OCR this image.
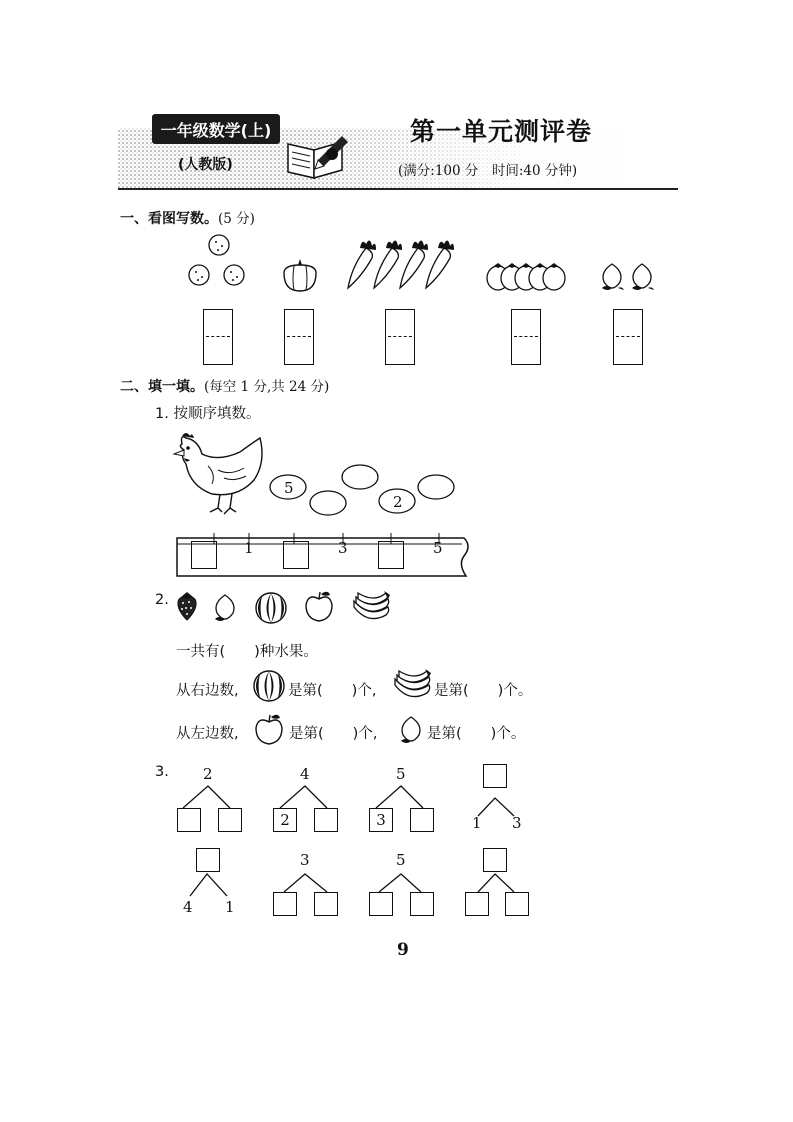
一年级数学(上)
(人教版)
第一单元测评卷
(满分:100 分　时间:40 分钟)
一、看图写数。(5 分)
二、填一填。(每空 1 分,共 24 分)
1. 按顺序填数。
5
2
1	3	5
2.
一共有(　　)种水果。
从右边数,	是第(　　)个,	是第(　　)个。
从左边数,	是第(　　)个,	是第(　　)个。
3. 2	4
2
5
3	1 3
4 1
3	5
9
